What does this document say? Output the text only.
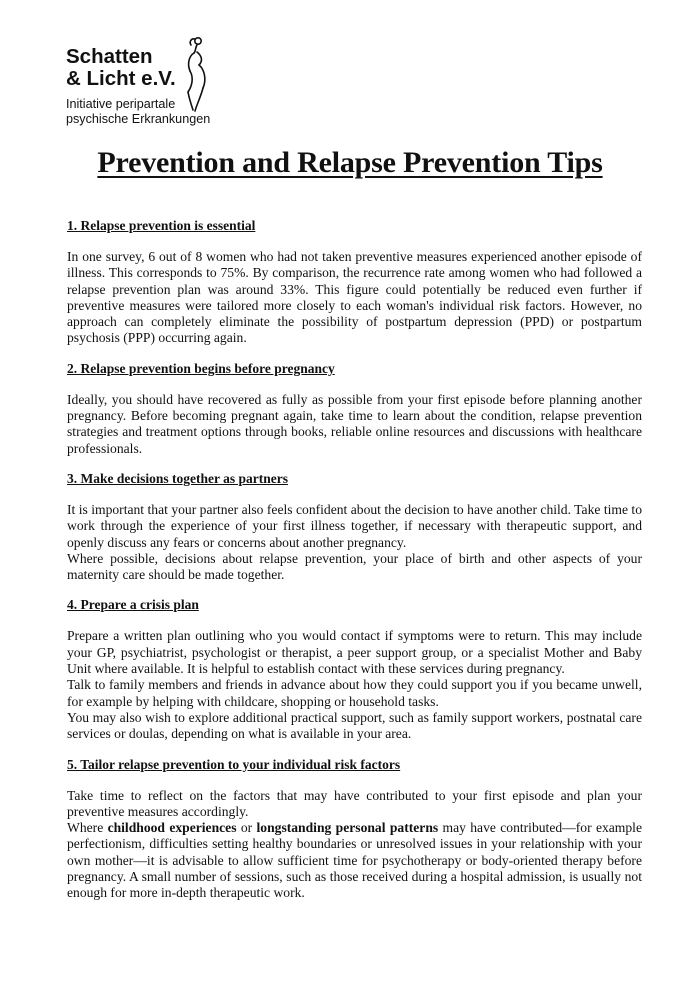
Schatten
& Licht e.V.
Initiative peripartale
psychische Erkrankungen
Prevention and Relapse Prevention Tips
1. Relapse prevention is essential

In one survey, 6 out of 8 women who had not taken preventive measures experienced another episode of illness. This corresponds to 75%. By comparison, the recurrence rate among women who had followed a relapse prevention plan was around 33%. This figure could potentially be reduced even further if preventive measures were tailored more closely to each woman's individual risk factors. However, no approach can completely eliminate the possibility of postpartum depression (PPD) or postpartum psychosis (PPP) occurring again.

2. Relapse prevention begins before pregnancy

Ideally, you should have recovered as fully as possible from your first episode before planning another pregnancy. Before becoming pregnant again, take time to learn about the condition, relapse prevention strategies and treatment options through books, reliable online resources and discussions with healthcare professionals.

3. Make decisions together as partners

It is important that your partner also feels confident about the decision to have another child. Take time to work through the experience of your first illness together, if necessary with therapeutic support, and openly discuss any fears or concerns about another pregnancy.

Where possible, decisions about relapse prevention, your place of birth and other aspects of your maternity care should be made together.

4. Prepare a crisis plan

Prepare a written plan outlining who you would contact if symptoms were to return. This may include your GP, psychiatrist, psychologist or therapist, a peer support group, or a specialist Mother and Baby Unit where available. It is helpful to establish contact with these services during pregnancy.

Talk to family members and friends in advance about how they could support you if you became unwell, for example by helping with childcare, shopping or household tasks.

You may also wish to explore additional practical support, such as family support workers, postnatal care services or doulas, depending on what is available in your area.

5. Tailor relapse prevention to your individual risk factors

Take time to reflect on the factors that may have contributed to your first episode and plan your preventive measures accordingly.

Where childhood experiences or longstanding personal patterns may have contributed—for example perfectionism, difficulties setting healthy boundaries or unresolved issues in your relationship with your own mother—it is advisable to allow sufficient time for psychotherapy or body-oriented therapy before pregnancy. A small number of sessions, such as those received during a hospital admission, is usually not enough for more in-depth therapeutic work.
